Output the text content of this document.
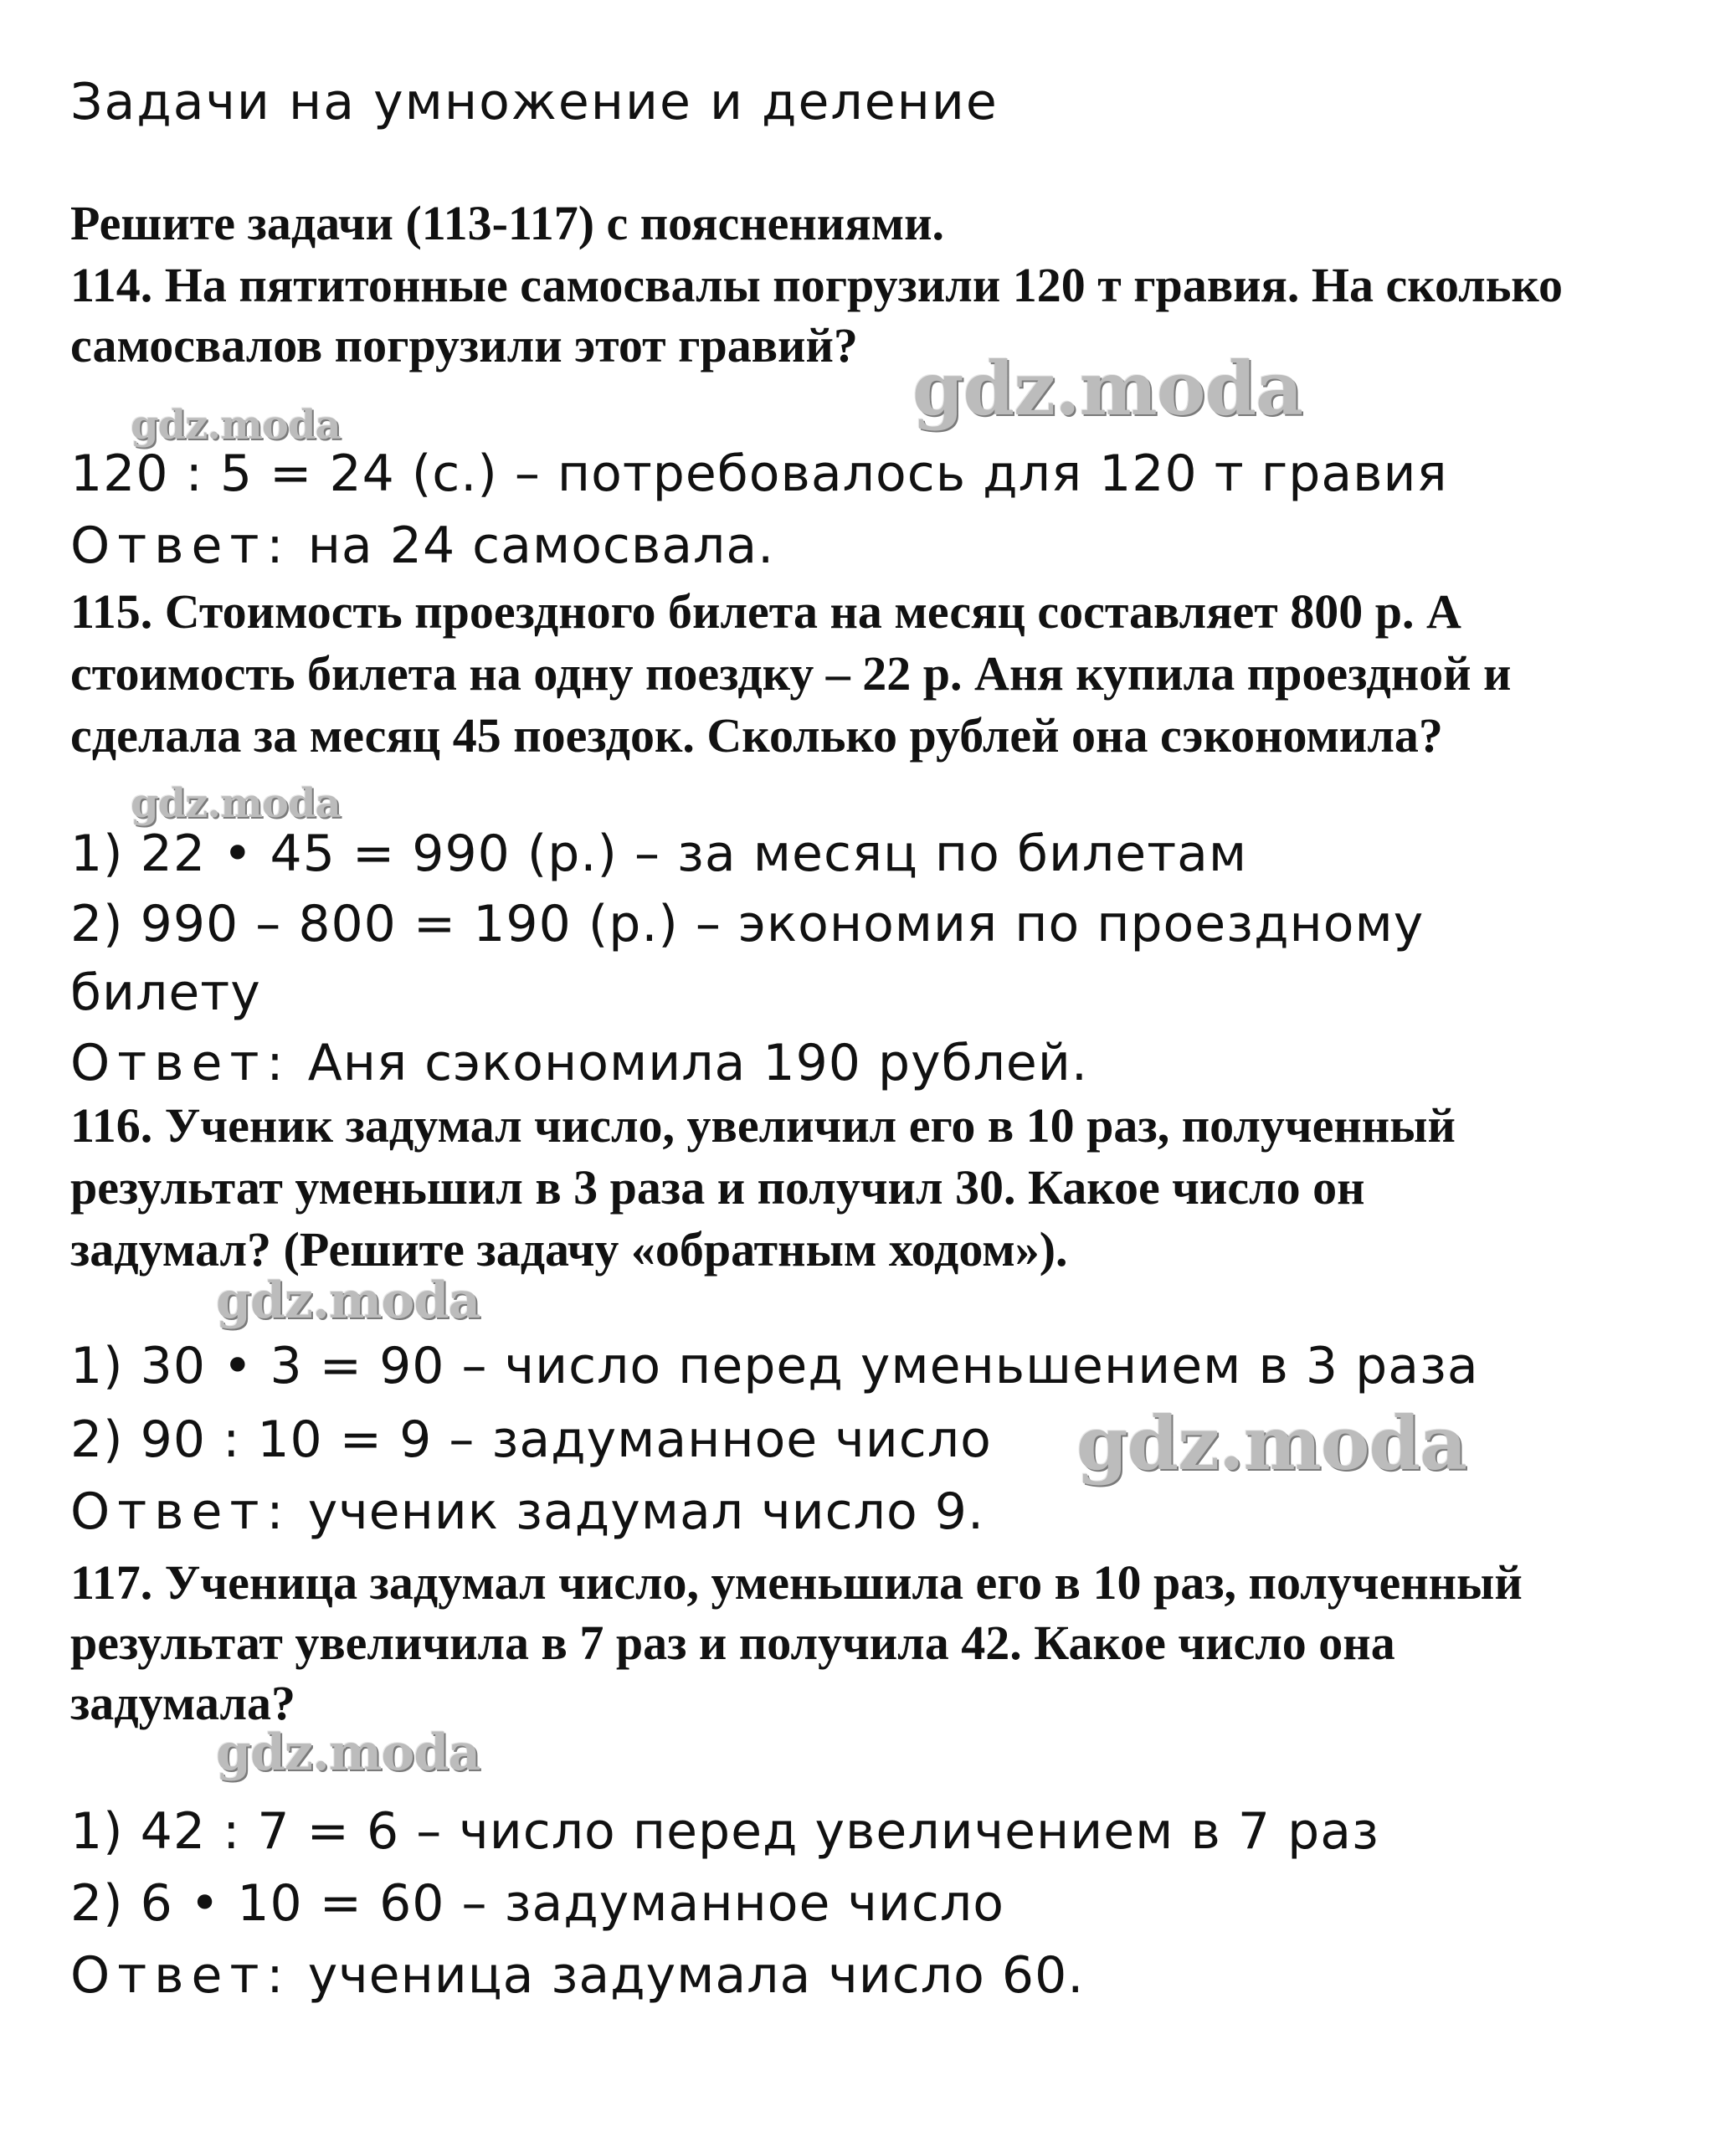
Задачи на умножение и деление
Решите задачи (113-117) с пояснениями.
114. На пятитонные самосвалы погрузили 120 т гравия. На сколько
самосвалов погрузили этот гравий?
120 : 5 = 24 (с.) – потребовалось для 120 т гравия
Ответ: на 24 самосвала.
115. Стоимость проездного билета на месяц составляет 800 р. А
стоимость билета на одну поездку – 22 р. Аня купила проездной и
сделала за месяц 45 поездок. Сколько рублей она сэкономила?
1) 22 • 45 = 990 (р.) – за месяц по билетам
2) 990 – 800 = 190 (р.) – экономия по проездному
билету
Ответ: Аня сэкономила 190 рублей.
116. Ученик задумал число, увеличил его в 10 раз, полученный
результат уменьшил в 3 раза и получил 30. Какое число он
задумал? (Решите задачу «обратным ходом»).
1) 30 • 3 = 90 – число перед уменьшением в 3 раза
2) 90 : 10 = 9 – задуманное число
Ответ: ученик задумал число 9.
117. Ученица задумал число, уменьшила его в 10 раз, полученный
результат увеличила в 7 раз и получила 42. Какое число она
задумала?
1) 42 : 7 = 6 – число перед увеличением в 7 раз
2) 6 • 10 = 60 – задуманное число
Ответ: ученица задумала число 60.
gdz.moda	gdz.moda
gdz.moda
gdz.moda
gdz.moda
gdz.moda
